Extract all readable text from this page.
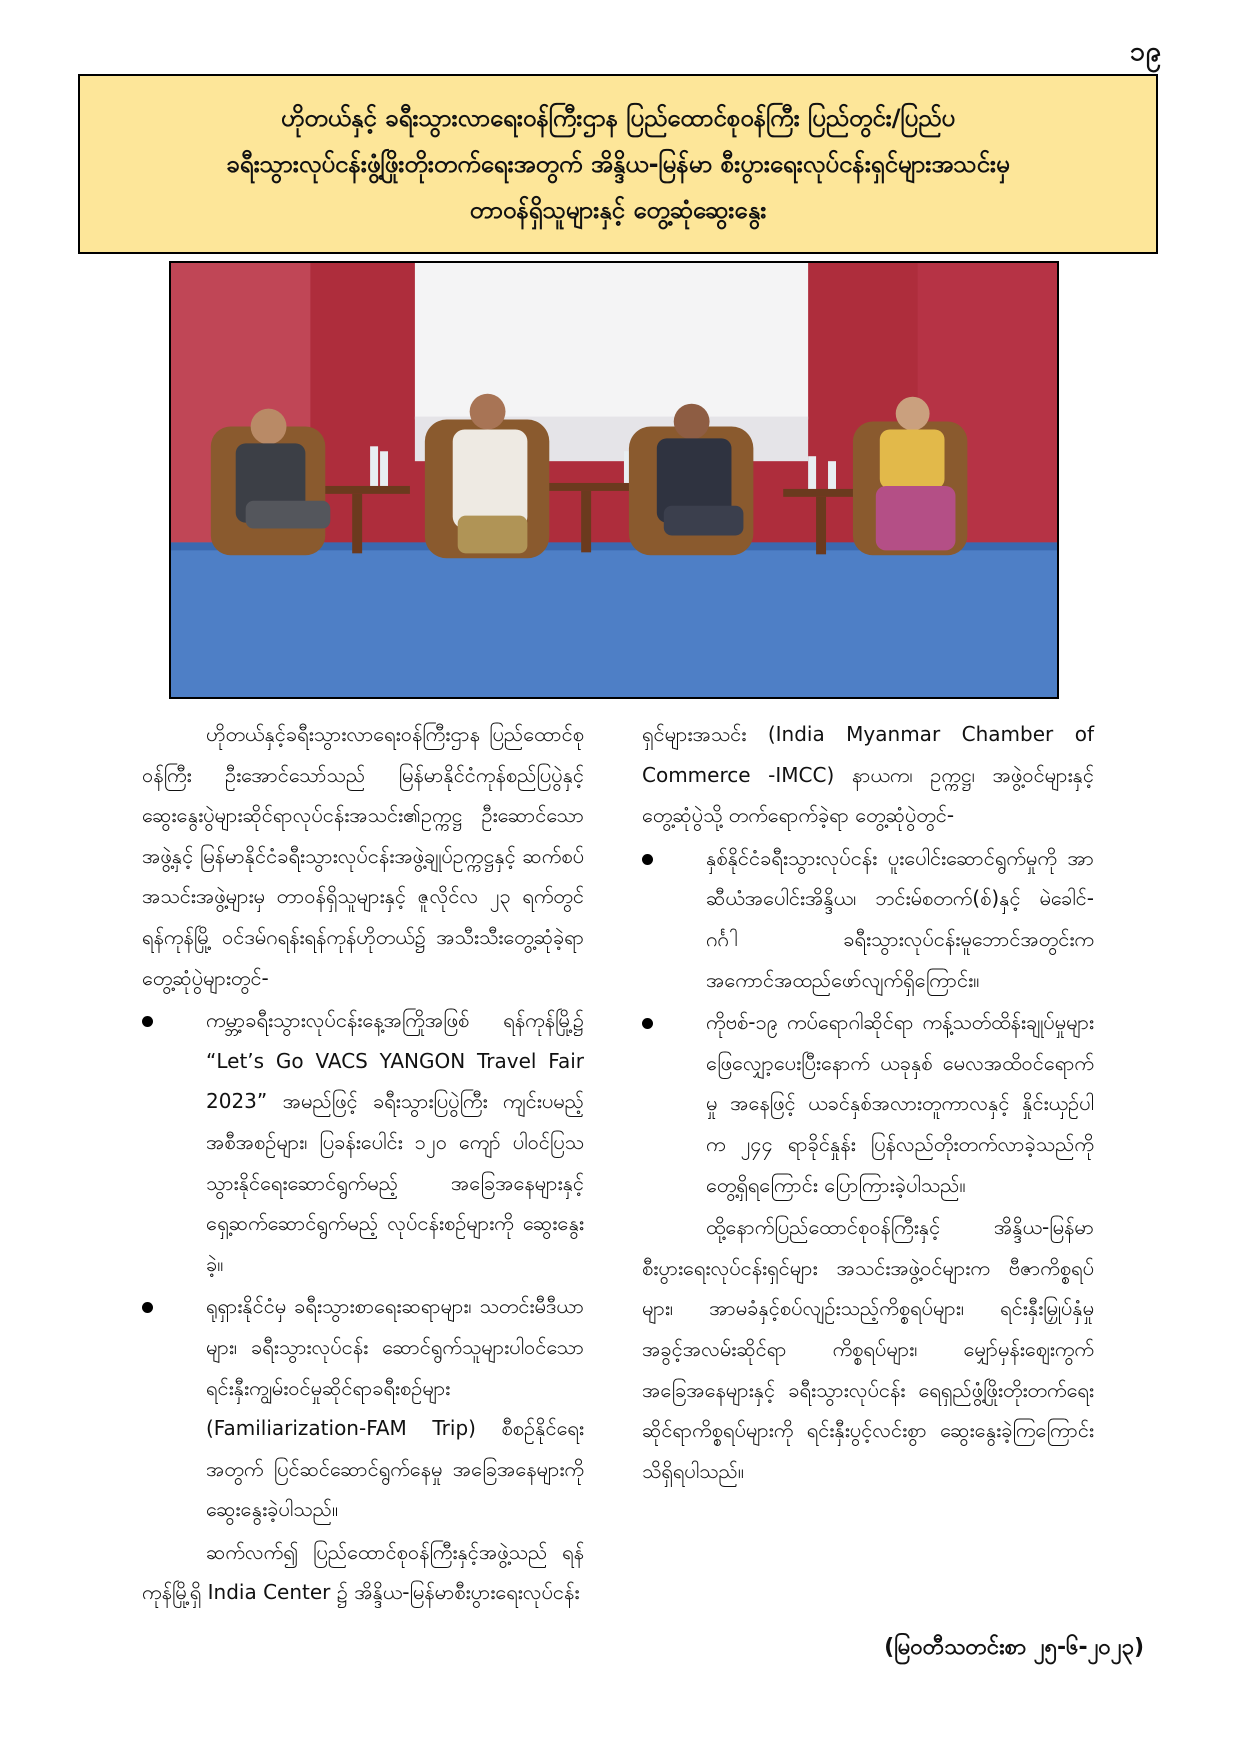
၁၉
ဟိုတယ်နှင့် ခရီးသွားလာရေးဝန်ကြီးဌာန ပြည်ထောင်စုဝန်ကြီး ပြည်တွင်း/ပြည်ပ
ခရီးသွားလုပ်ငန်းဖွံ့ဖြိုးတိုးတက်ရေးအတွက် အိန္ဒိယ-မြန်မာ စီးပွားရေးလုပ်ငန်းရှင်များအသင်းမှ
တာဝန်ရှိသူများနှင့် တွေ့ဆုံဆွေးနွေး

ဟိုတယ်နှင့်ခရီးသွားလာရေးဝန်ကြီးဌာန ပြည်ထောင်စုဝန်ကြီး ဦးအောင်သော်သည် မြန်မာနိုင်ငံကုန်စည်ပြပွဲနှင့် ဆွေးနွေးပွဲများဆိုင်ရာလုပ်ငန်းအသင်း၏ဥက္ကဋ္ဌ ဦးဆောင်သော အဖွဲ့နှင့် မြန်မာနိုင်ငံခရီးသွားလုပ်ငန်းအဖွဲ့ချုပ်ဥက္ကဋ္ဌနှင့် ဆက်စပ်အသင်းအဖွဲ့များမှ တာဝန်ရှိသူများနှင့် ဇူလိုင်လ ၂၃ ရက်တွင် ရန်ကုန်မြို့ ဝင်ဒမ်ဂရန်းရန်ကုန်ဟိုတယ်၌ အသီးသီးတွေ့ဆုံခဲ့ရာ တွေ့ဆုံပွဲများတွင်-

ကမ္ဘာ့ခရီးသွားလုပ်ငန်းနေ့အကြိုအဖြစ် ရန်ကုန်မြို့၌ “Let’s Go VACS YANGON Travel Fair 2023” အမည်ဖြင့် ခရီးသွားပြပွဲကြီး ကျင်းပမည့်အစီအစဉ်များ၊ ပြခန်းပေါင်း ၁၂၀ ကျော် ပါဝင်ပြသသွားနိုင်ရေးဆောင်ရွက်မည့် အခြေအနေများနှင့် ရှေ့ဆက်ဆောင်ရွက်မည့် လုပ်ငန်းစဉ်များကို ဆွေးနွေးခဲ့။
ရုရှားနိုင်ငံမှ ခရီးသွားစာရေးဆရာများ၊ သတင်းမီဒီယာများ၊ ခရီးသွားလုပ်ငန်း ဆောင်ရွက်သူများပါဝင်သော ရင်းနှီးကျွမ်းဝင်မှုဆိုင်ရာခရီးစဉ်များ (Familiarization-FAM Trip) စီစဉ်နိုင်ရေးအတွက် ပြင်ဆင်ဆောင်ရွက်နေမှု အခြေအနေများကို ဆွေးနွေးခဲ့ပါသည်။

ဆက်လက်၍ ပြည်ထောင်စုဝန်ကြီးနှင့်အဖွဲ့သည် ရန်ကုန်မြို့ရှိ India Center ၌ အိန္ဒိယ-မြန်မာစီးပွားရေးလုပ်ငန်း

ရှင်များအသင်း (India Myanmar Chamber of Commerce -IMCC) နာယက၊ ဥက္ကဋ္ဌ၊ အဖွဲ့ဝင်များနှင့် တွေ့ဆုံပွဲသို့ တက်ရောက်ခဲ့ရာ တွေ့ဆုံပွဲတွင်-

နှစ်နိုင်ငံခရီးသွားလုပ်ငန်း ပူးပေါင်းဆောင်ရွက်မှုကို အာဆီယံအပေါင်းအိန္ဒိယ၊ ဘင်းမ်စတက်(စ်)နှင့် မဲခေါင်-ဂင်္ဂါ ခရီးသွားလုပ်ငန်းမူဘောင်အတွင်းက အကောင်အထည်ဖော်လျက်ရှိကြောင်း။
ကိုဗစ်-၁၉ ကပ်ရောဂါဆိုင်ရာ ကန့်သတ်ထိန်းချုပ်မှုများ ဖြေလျှော့ပေးပြီးနောက် ယခုနှစ် မေလအထိဝင်ရောက်မှု အနေဖြင့် ယခင်နှစ်အလားတူကာလနှင့် နှိုင်းယှဉ်ပါက ၂၄၄ ရာခိုင်နှုန်း ပြန်လည်တိုးတက်လာခဲ့သည်ကို တွေ့ရှိရကြောင်း ပြောကြားခဲ့ပါသည်။

ထို့နောက်ပြည်ထောင်စုဝန်ကြီးနှင့် အိန္ဒိယ-မြန်မာ စီးပွားရေးလုပ်ငန်းရှင်များ အသင်းအဖွဲ့ဝင်များက ဗီဇာကိစ္စရပ်များ၊ အာမခံနှင့်စပ်လျဉ်းသည့်ကိစ္စရပ်များ၊ ရင်းနှီးမြှုပ်နှံမှုအခွင့်အလမ်းဆိုင်ရာ ကိစ္စရပ်များ၊ မျှော်မှန်းဈေးကွက်အခြေအနေများနှင့် ခရီးသွားလုပ်ငန်း ရေရှည်ဖွံ့ဖြိုးတိုးတက်ရေးဆိုင်ရာကိစ္စရပ်များကို ရင်းနှီးပွင့်လင်းစွာ ဆွေးနွေးခဲ့ကြကြောင်း သိရှိရပါသည်။

(မြဝတီသတင်းစာ ၂၅-၆-၂၀၂၃)
